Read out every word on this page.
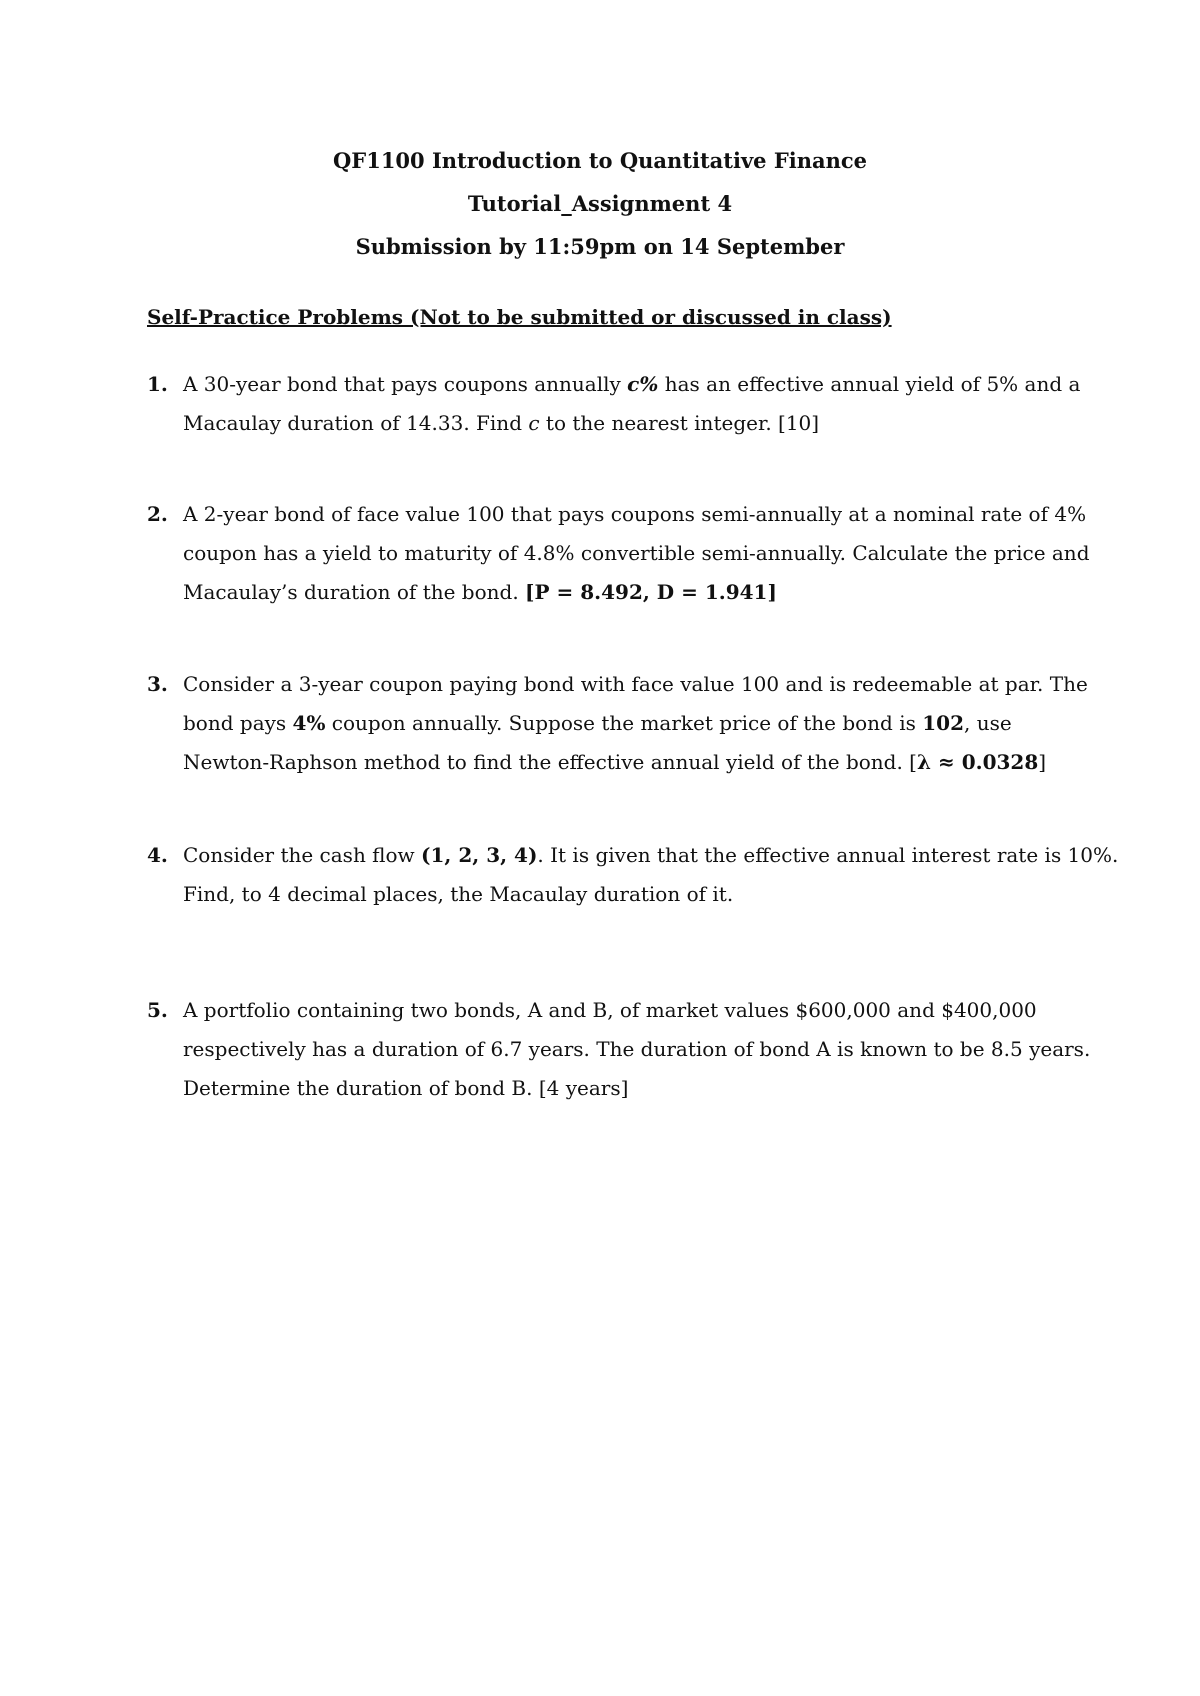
QF1100 Introduction to Quantitative Finance
Tutorial_Assignment 4
Submission by 11:59pm on 14 September
Self-Practice Problems (Not to be submitted or discussed in class)
1. A 30-year bond that pays coupons annually c% has an effective annual yield of 5% and a
Macaulay duration of 14.33. Find c to the nearest integer. [10]
2. A 2-year bond of face value 100 that pays coupons semi-annually at a nominal rate of 4%
coupon has a yield to maturity of 4.8% convertible semi-annually. Calculate the price and
Macaulay’s duration of the bond. [P = 8.492, D = 1.941]
3. Consider a 3-year coupon paying bond with face value 100 and is redeemable at par. The
bond pays 4% coupon annually. Suppose the market price of the bond is 102, use
Newton-Raphson method to find the effective annual yield of the bond. [λ ≈ 0.0328]
4. Consider the cash flow (1, 2, 3, 4). It is given that the effective annual interest rate is 10%.
Find, to 4 decimal places, the Macaulay duration of it.
5. A portfolio containing two bonds, A and B, of market values $600,000 and $400,000
respectively has a duration of 6.7 years. The duration of bond A is known to be 8.5 years.
Determine the duration of bond B. [4 years]
